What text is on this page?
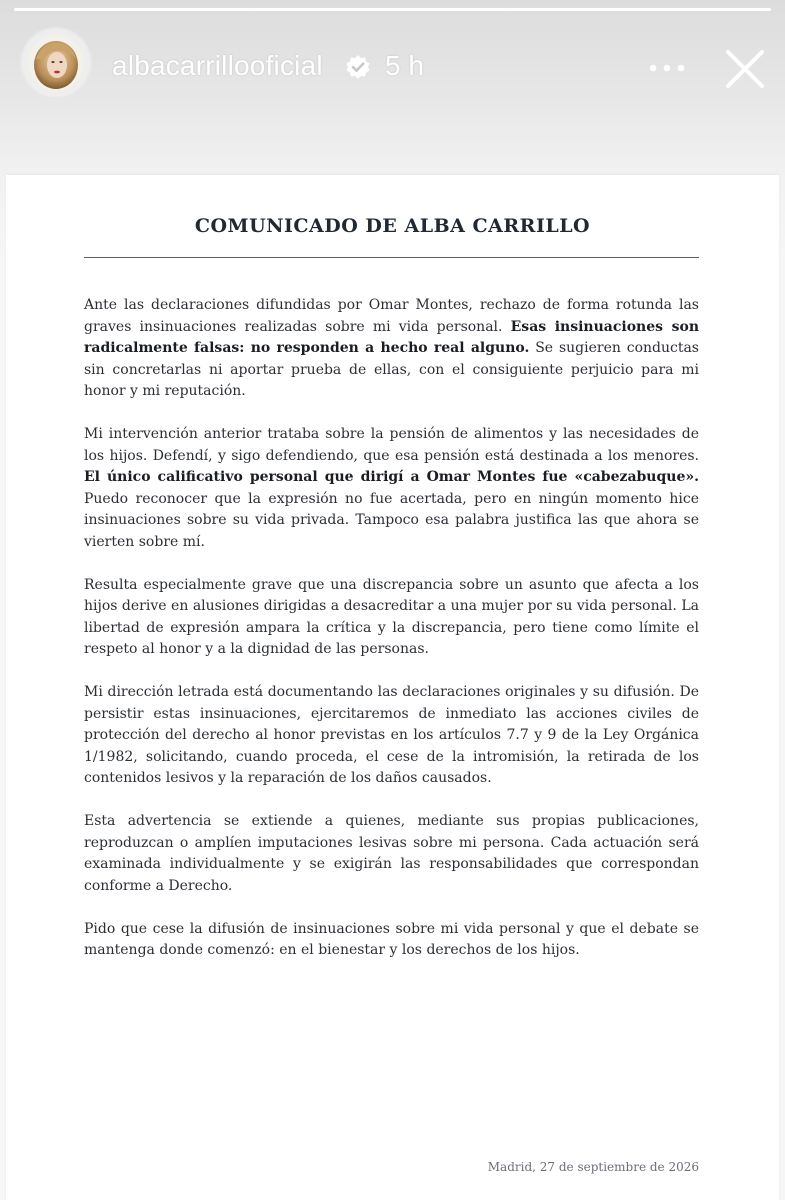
albacarrillooficial 5 h
COMUNICADO DE ALBA CARRILLO

Ante las declaraciones difundidas por Omar Montes, rechazo de forma rotunda las graves insinuaciones realizadas sobre mi vida personal. Esas insinuaciones son radicalmente falsas: no responden a hecho real alguno. Se sugieren conductas sin concretarlas ni aportar prueba de ellas, con el consiguiente perjuicio para mi honor y mi reputación.

Mi intervención anterior trataba sobre la pensión de alimentos y las necesidades de los hijos. Defendí, y sigo defendiendo, que esa pensión está destinada a los menores. El único calificativo personal que dirigí a Omar Montes fue «cabezabuque». Puedo reconocer que la expresión no fue acertada, pero en ningún momento hice insinuaciones sobre su vida privada. Tampoco esa palabra justifica las que ahora se vierten sobre mí.

Resulta especialmente grave que una discrepancia sobre un asunto que afecta a los hijos derive en alusiones dirigidas a desacreditar a una mujer por su vida personal. La libertad de expresión ampara la crítica y la discrepancia, pero tiene como límite el respeto al honor y a la dignidad de las personas.

Mi dirección letrada está documentando las declaraciones originales y su difusión. De persistir estas insinuaciones, ejercitaremos de inmediato las acciones civiles de protección del derecho al honor previstas en los artículos 7.7 y 9 de la Ley Orgánica 1/1982, solicitando, cuando proceda, el cese de la intromisión, la retirada de los contenidos lesivos y la reparación de los daños causados.

Esta advertencia se extiende a quienes, mediante sus propias publicaciones, reproduzcan o amplíen imputaciones lesivas sobre mi persona. Cada actuación será examinada individualmente y se exigirán las responsabilidades que correspondan conforme a Derecho.

Pido que cese la difusión de insinuaciones sobre mi vida personal y que el debate se mantenga donde comenzó: en el bienestar y los derechos de los hijos.

Madrid, 27 de septiembre de 2026
